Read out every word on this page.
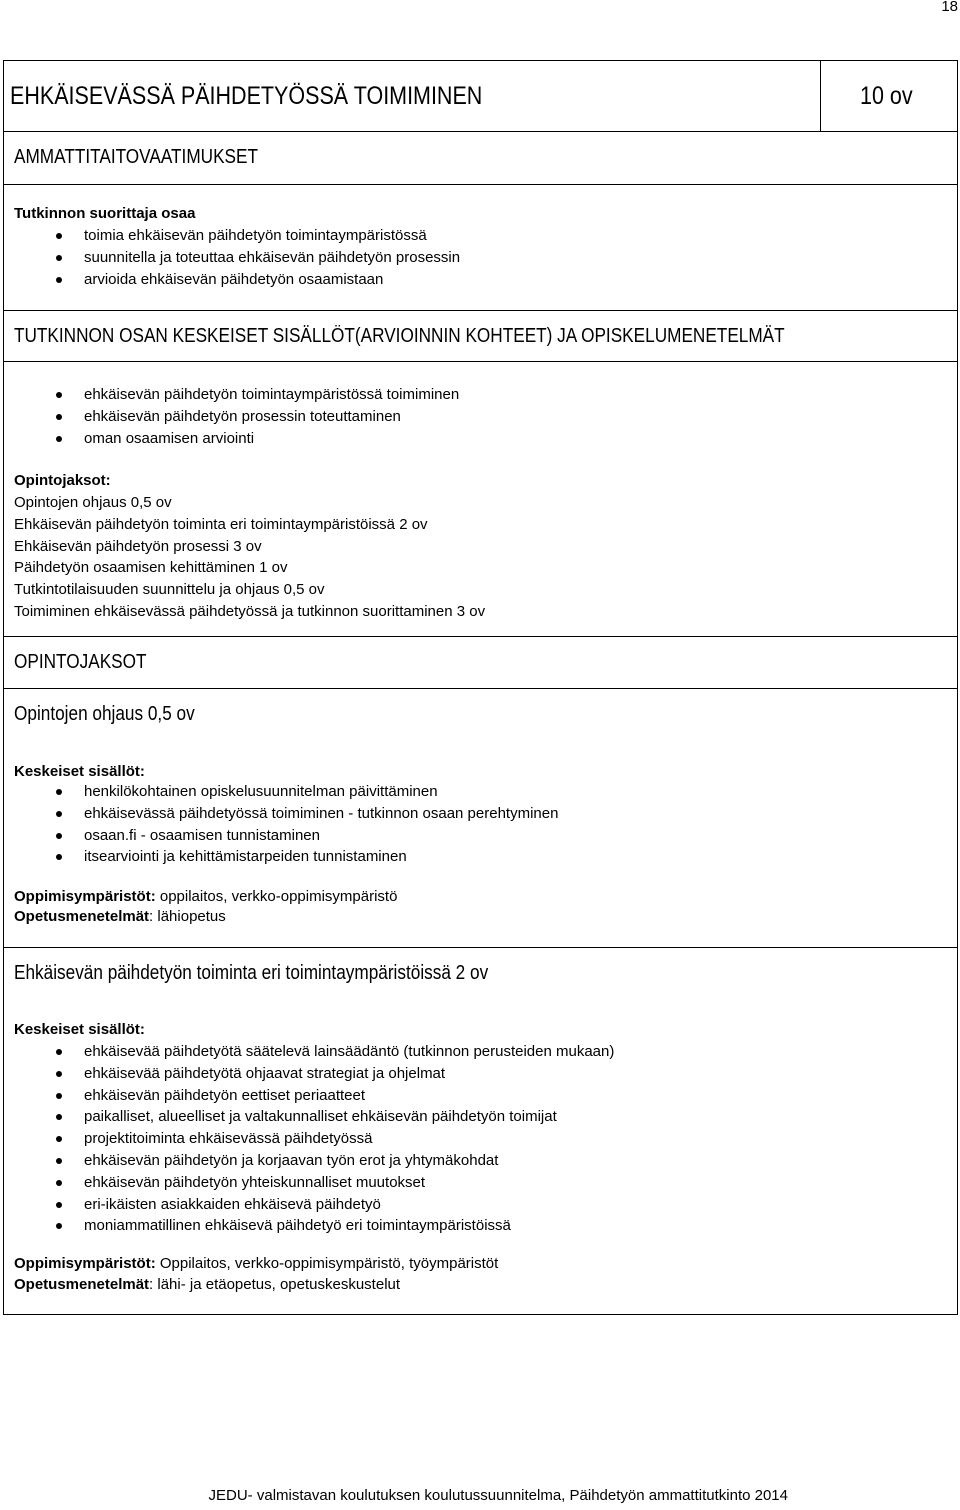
18
EHKÄISEVÄSSÄ PÄIHDETYÖSSÄ TOIMIMINEN	10 ov
AMMATTITAITOVAATIMUKSET
Tutkinnon suorittaja osaa
toimia ehkäisevän päihdetyön toimintaympäristössä
suunnitella ja toteuttaa ehkäisevän päihdetyön prosessin
arvioida ehkäisevän päihdetyön osaamistaan
TUTKINNON OSAN KESKEISET SISÄLLÖT(ARVIOINNIN KOHTEET) JA OPISKELUMENETELMÄT
ehkäisevän päihdetyön toimintaympäristössä toimiminen
ehkäisevän päihdetyön prosessin toteuttaminen
oman osaamisen arviointi
Opintojaksot:
Opintojen ohjaus 0,5 ov
Ehkäisevän päihdetyön toiminta eri toimintaympäristöissä 2 ov
Ehkäisevän päihdetyön prosessi 3 ov
Päihdetyön osaamisen kehittäminen 1 ov
Tutkintotilaisuuden suunnittelu ja ohjaus 0,5 ov
Toimiminen ehkäisevässä päihdetyössä ja tutkinnon suorittaminen 3 ov
OPINTOJAKSOT
Opintojen ohjaus 0,5 ov
Keskeiset sisällöt:
henkilökohtainen opiskelusuunnitelman päivittäminen
ehkäisevässä päihdetyössä toimiminen - tutkinnon osaan perehtyminen
osaan.fi - osaamisen tunnistaminen
itsearviointi ja kehittämistarpeiden tunnistaminen
Oppimisympäristöt: oppilaitos, verkko-oppimisympäristö
Opetusmenetelmät: lähiopetus
Ehkäisevän päihdetyön toiminta eri toimintaympäristöissä 2 ov
Keskeiset sisällöt:
ehkäisevää päihdetyötä säätelevä lainsäädäntö (tutkinnon perusteiden mukaan)
ehkäisevää päihdetyötä ohjaavat strategiat ja ohjelmat
ehkäisevän päihdetyön eettiset periaatteet
paikalliset, alueelliset ja valtakunnalliset ehkäisevän päihdetyön toimijat
projektitoiminta ehkäisevässä päihdetyössä
ehkäisevän päihdetyön ja korjaavan työn erot ja yhtymäkohdat
ehkäisevän päihdetyön yhteiskunnalliset muutokset
eri-ikäisten asiakkaiden ehkäisevä päihdetyö
moniammatillinen ehkäisevä päihdetyö eri toimintaympäristöissä
Oppimisympäristöt: Oppilaitos, verkko-oppimisympäristö, työympäristöt
Opetusmenetelmät: lähi- ja etäopetus, opetuskeskustelut
JEDU- valmistavan koulutuksen koulutussuunnitelma, Päihdetyön ammattitutkinto 2014
